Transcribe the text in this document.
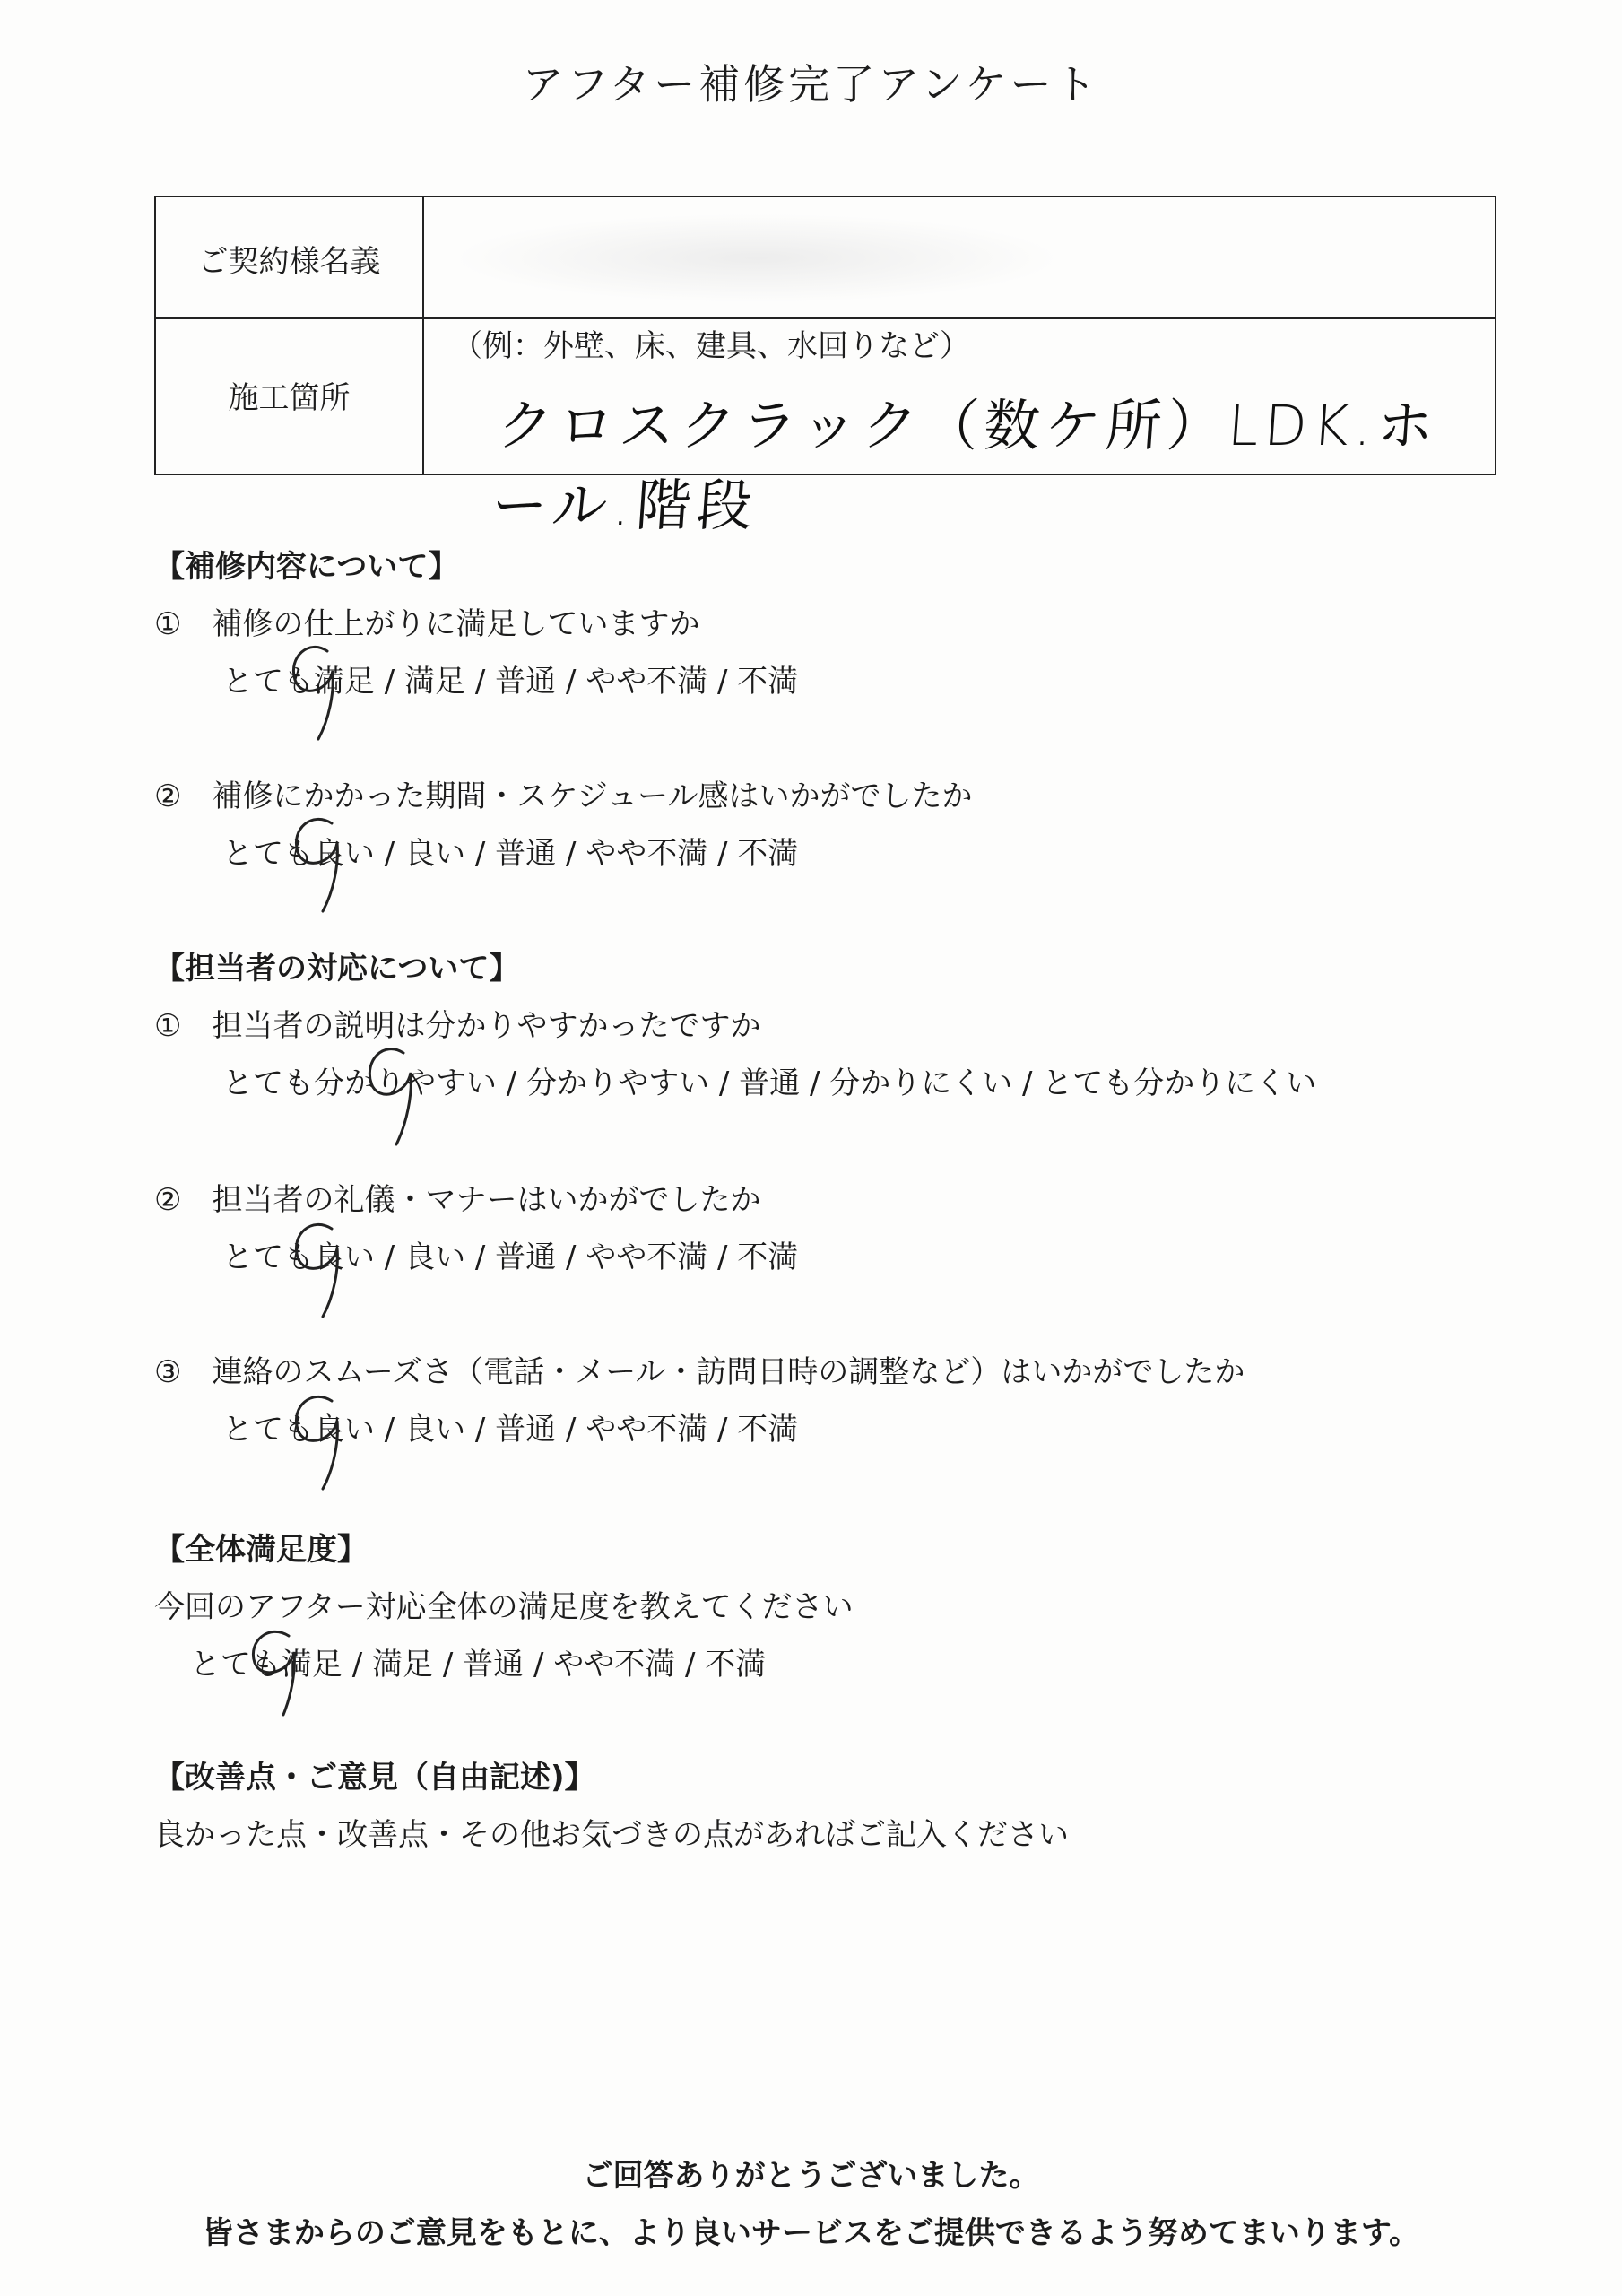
アフター補修完了アンケート
ご契約様名義
施工箇所
（例：外壁、床、建具、水回りなど）
クロスクラック（数ケ所）LDK.ホール.階段
【補修内容について】
①　補修の仕上がりに満足していますか
とても満足 / 満足 / 普通 / やや不満 / 不満
②　補修にかかった期間・スケジュール感はいかがでしたか
とても良い / 良い / 普通 / やや不満 / 不満
【担当者の対応について】
①　担当者の説明は分かりやすかったですか
とても分かりやすい / 分かりやすい / 普通 / 分かりにくい / とても分かりにくい
②　担当者の礼儀・マナーはいかがでしたか
とても良い / 良い / 普通 / やや不満 / 不満
③　連絡のスムーズさ（電話・メール・訪問日時の調整など）はいかがでしたか
とても良い / 良い / 普通 / やや不満 / 不満
【全体満足度】
今回のアフター対応全体の満足度を教えてください
とても満足 / 満足 / 普通 / やや不満 / 不満
【改善点・ご意見（自由記述)】
良かった点・改善点・その他お気づきの点があればご記入ください
ご回答ありがとうございました。
皆さまからのご意見をもとに、より良いサービスをご提供できるよう努めてまいります。
